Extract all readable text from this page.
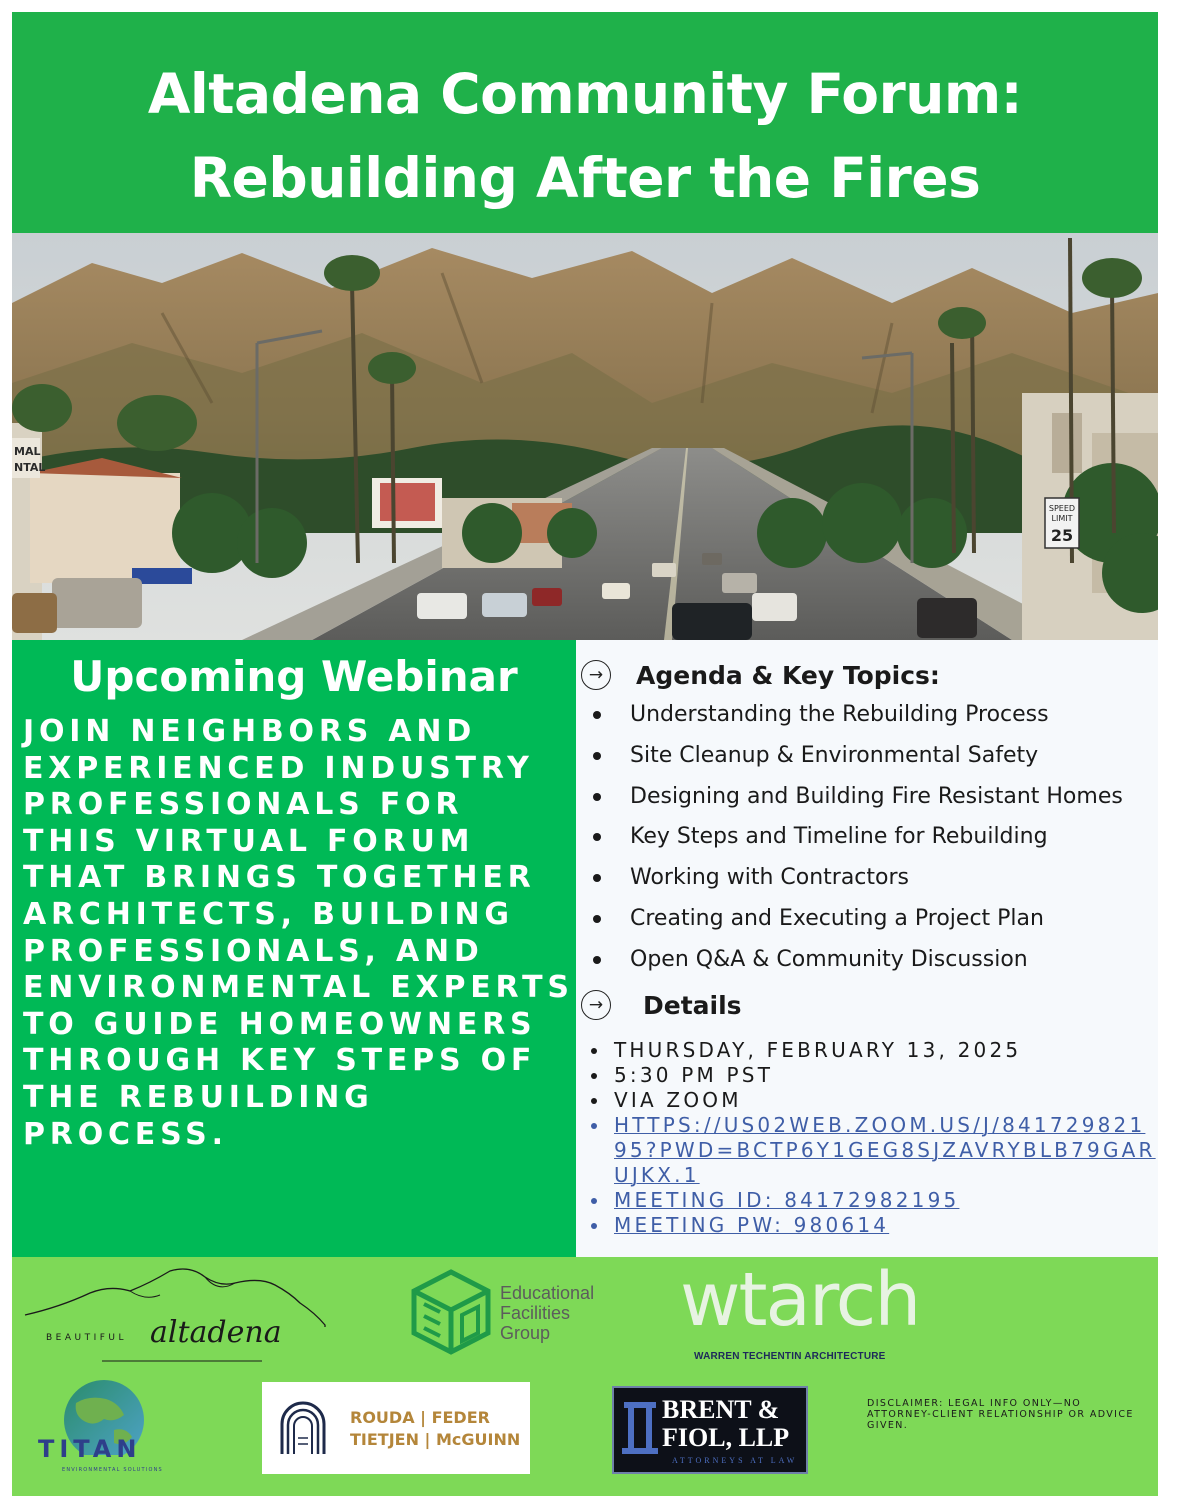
Altadena Community Forum:
Rebuilding After the Fires
MAL
NTAL
SPEED
LIMIT
25
Upcoming Webinar

JOIN NEIGHBORS AND EXPERIENCED INDUSTRY PROFESSIONALS FOR THIS VIRTUAL FORUM THAT BRINGS TOGETHER ARCHITECTS, BUILDING PROFESSIONALS, AND ENVIRONMENTAL EXPERTS TO GUIDE HOMEOWNERS THROUGH KEY STEPS OF THE REBUILDING PROCESS.

→	Agenda & Key Topics:
Understanding the Rebuilding Process
Site Cleanup & Environmental Safety
Designing and Building Fire Resistant Homes
Key Steps and Timeline for Rebuilding
Working with Contractors
Creating and Executing a Project Plan
Open Q&A & Community Discussion
→	Details
THURSDAY, FEBRUARY 13, 2025
5:30 PM PST
VIA ZOOM
HTTPS://US02WEB.ZOOM.US/J/84172982195?PWD=BCTP6Y1GEG8SJZAVRYBLB79GARUJKX.1
MEETING ID: 84172982195
MEETING PW: 980614
BEAUTIFUL altadena
Educational
Facilities
Group	wtarch
WARREN TECHENTIN ARCHITECTURE
TITAN
ENVIRONMENTAL SOLUTIONS
ROUDA | FEDER
TIETJEN | McGUINN
BRENT &
FIOL, LLP
ATTORNEYS AT LAW

DISCLAIMER: LEGAL INFO ONLY—NO ATTORNEY-CLIENT RELATIONSHIP OR ADVICE GIVEN.
